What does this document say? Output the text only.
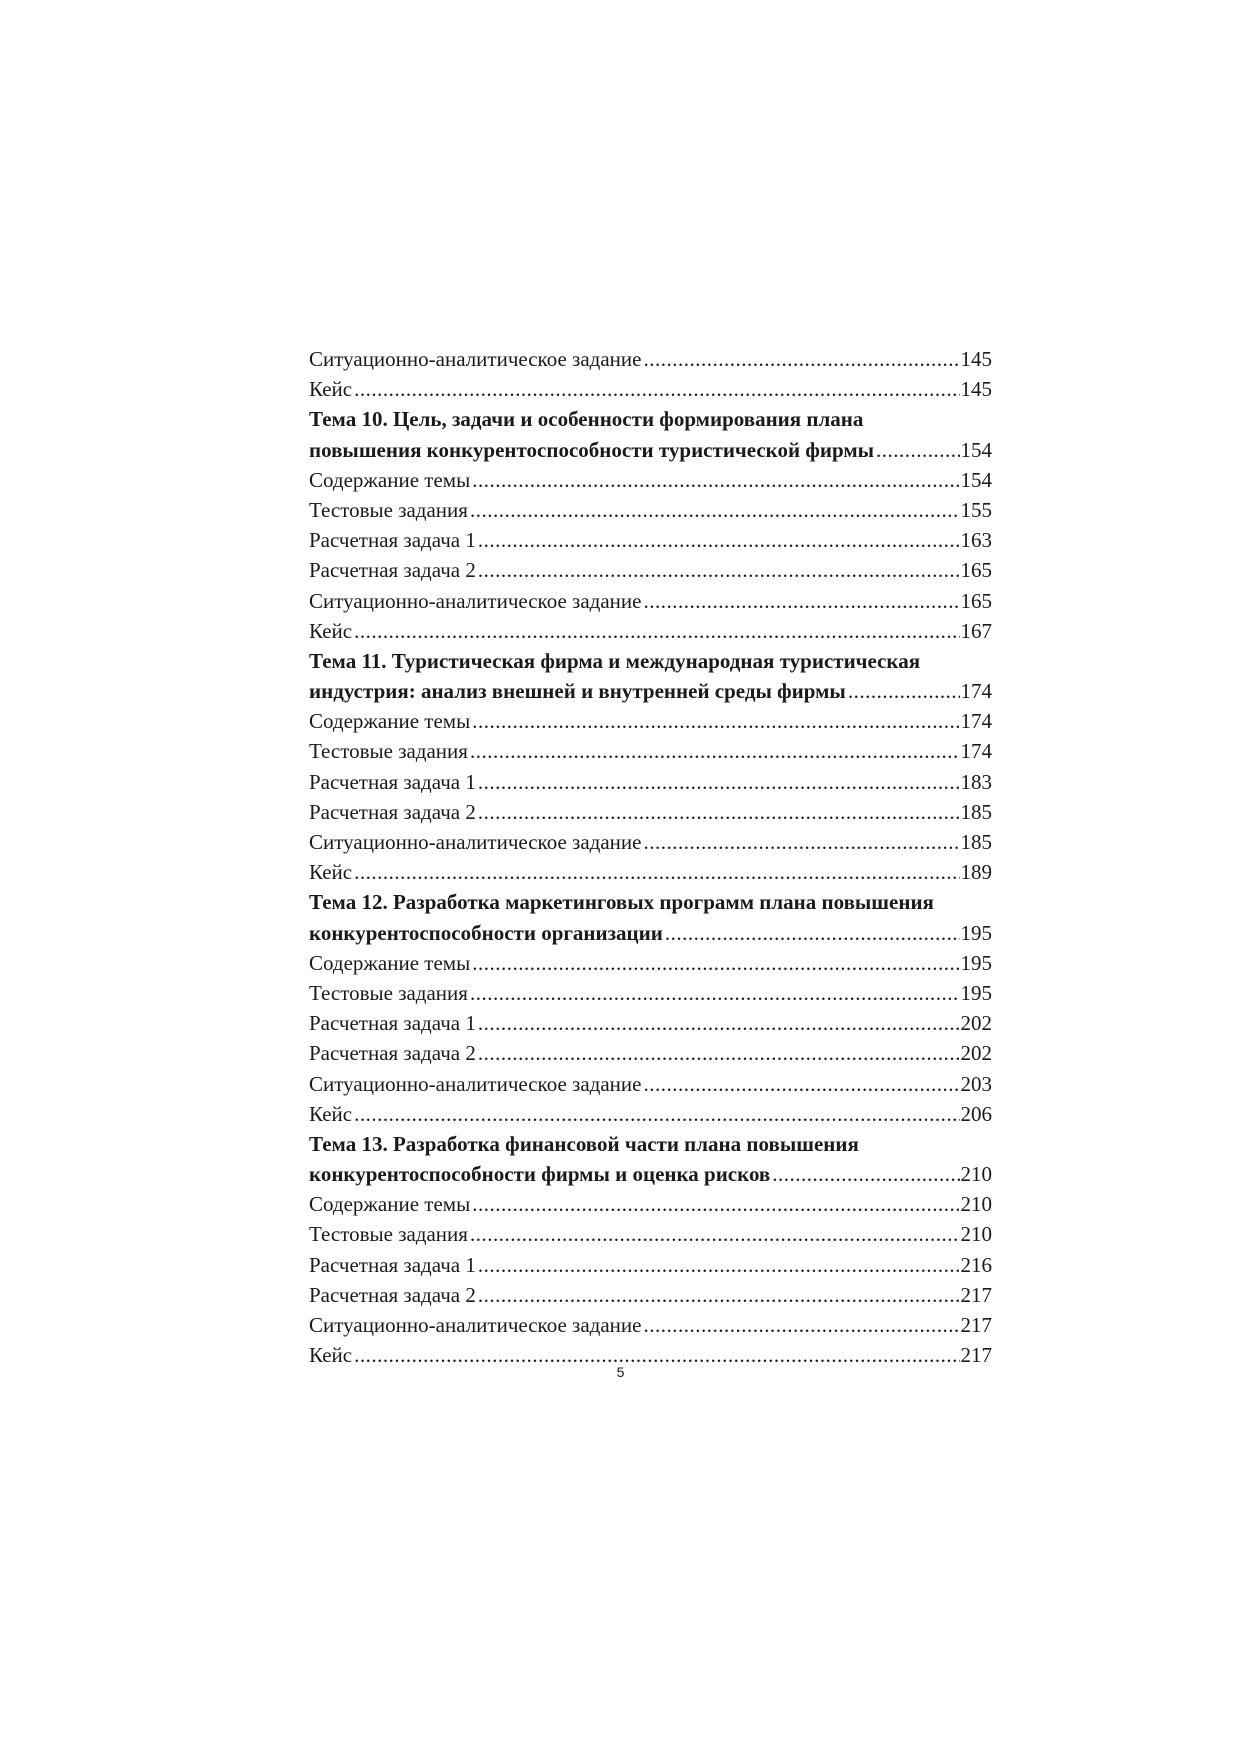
Ситуационно-аналитическое задание .....	145
Кейс .....	145
Тема 10. Цель, задачи и особенности формирования плана
повышения конкурентоспособности туристической фирмы .....	154
Содержание темы .....	154
Тестовые задания .....	155
Расчетная задача 1 .....	163
Расчетная задача 2 .....	165
Ситуационно-аналитическое задание .....	165
Кейс .....	167
Тема 11. Туристическая фирма и международная туристическая
индустрия: анализ внешней и внутренней среды фирмы .....	174
Содержание темы .....	174
Тестовые задания .....	174
Расчетная задача 1 .....	183
Расчетная задача 2 .....	185
Ситуационно-аналитическое задание .....	185
Кейс .....	189
Тема 12. Разработка маркетинговых программ плана повышения
конкурентоспособности организации .....	195
Содержание темы .....	195
Тестовые задания .....	195
Расчетная задача 1 .....	202
Расчетная задача 2 .....	202
Ситуационно-аналитическое задание .....	203
Кейс .....	206
Тема 13. Разработка финансовой части плана повышения
конкурентоспособности фирмы и оценка рисков .....	210
Содержание темы .....	210
Тестовые задания .....	210
Расчетная задача 1 .....	216
Расчетная задача 2 .....	217
Ситуационно-аналитическое задание .....	217
Кейс .....	217
5
